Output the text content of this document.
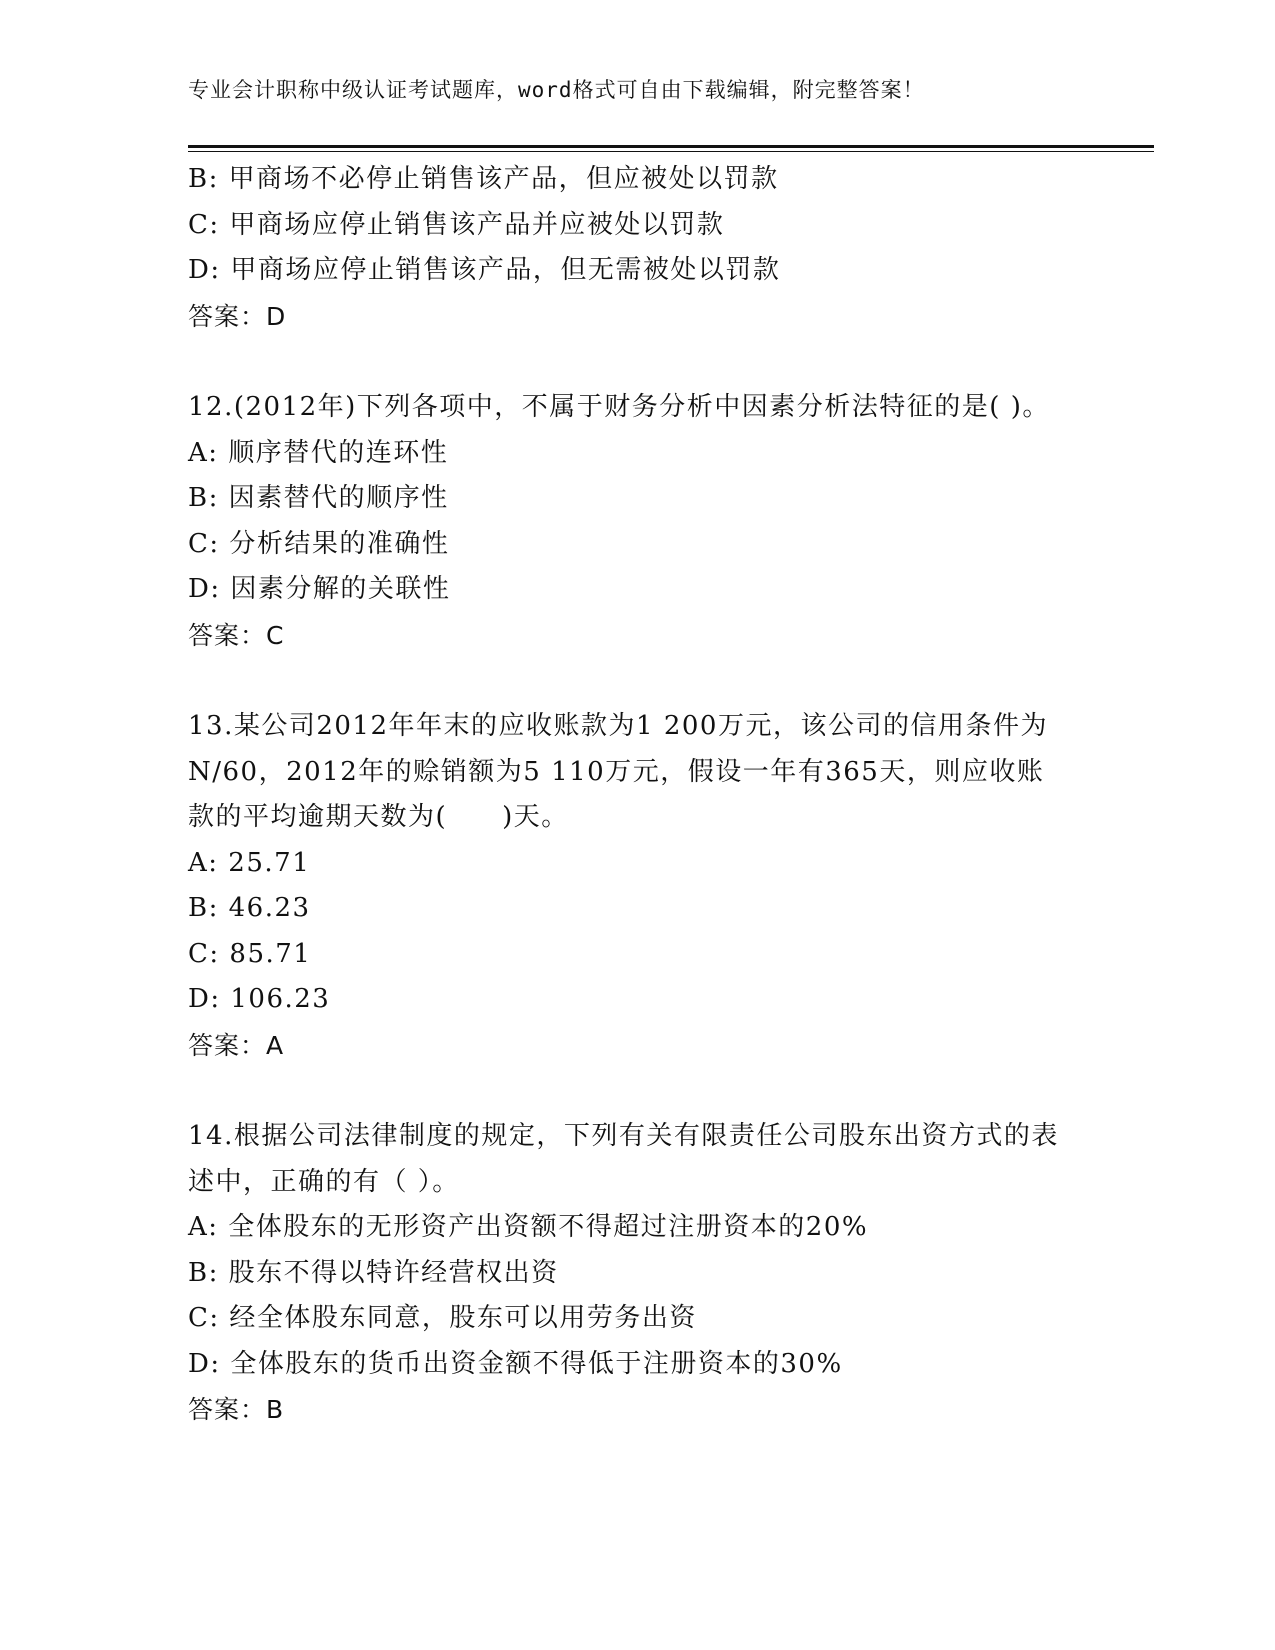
专业会计职称中级认证考试题库，word格式可自由下载编辑，附完整答案！
B: 甲商场不必停止销售该产品，但应被处以罚款
C: 甲商场应停止销售该产品并应被处以罚款
D: 甲商场应停止销售该产品，但无需被处以罚款
答案：D
12.(2012年)下列各项中，不属于财务分析中因素分析法特征的是( )。
A: 顺序替代的连环性
B: 因素替代的顺序性
C: 分析结果的准确性
D: 因素分解的关联性
答案：C
13.某公司2012年年末的应收账款为1 200万元，该公司的信用条件为N/60，2012年的赊销额为5 110万元，假设一年有365天，则应收账款的平均逾期天数为(　　)天。
A: 25.71
B: 46.23
C: 85.71
D: 106.23
答案：A
14.根据公司法律制度的规定，下列有关有限责任公司股东出资方式的表述中，正确的有（ ）。
A: 全体股东的无形资产出资额不得超过注册资本的20%
B: 股东不得以特许经营权出资
C: 经全体股东同意，股东可以用劳务出资
D: 全体股东的货币出资金额不得低于注册资本的30%
答案：B
